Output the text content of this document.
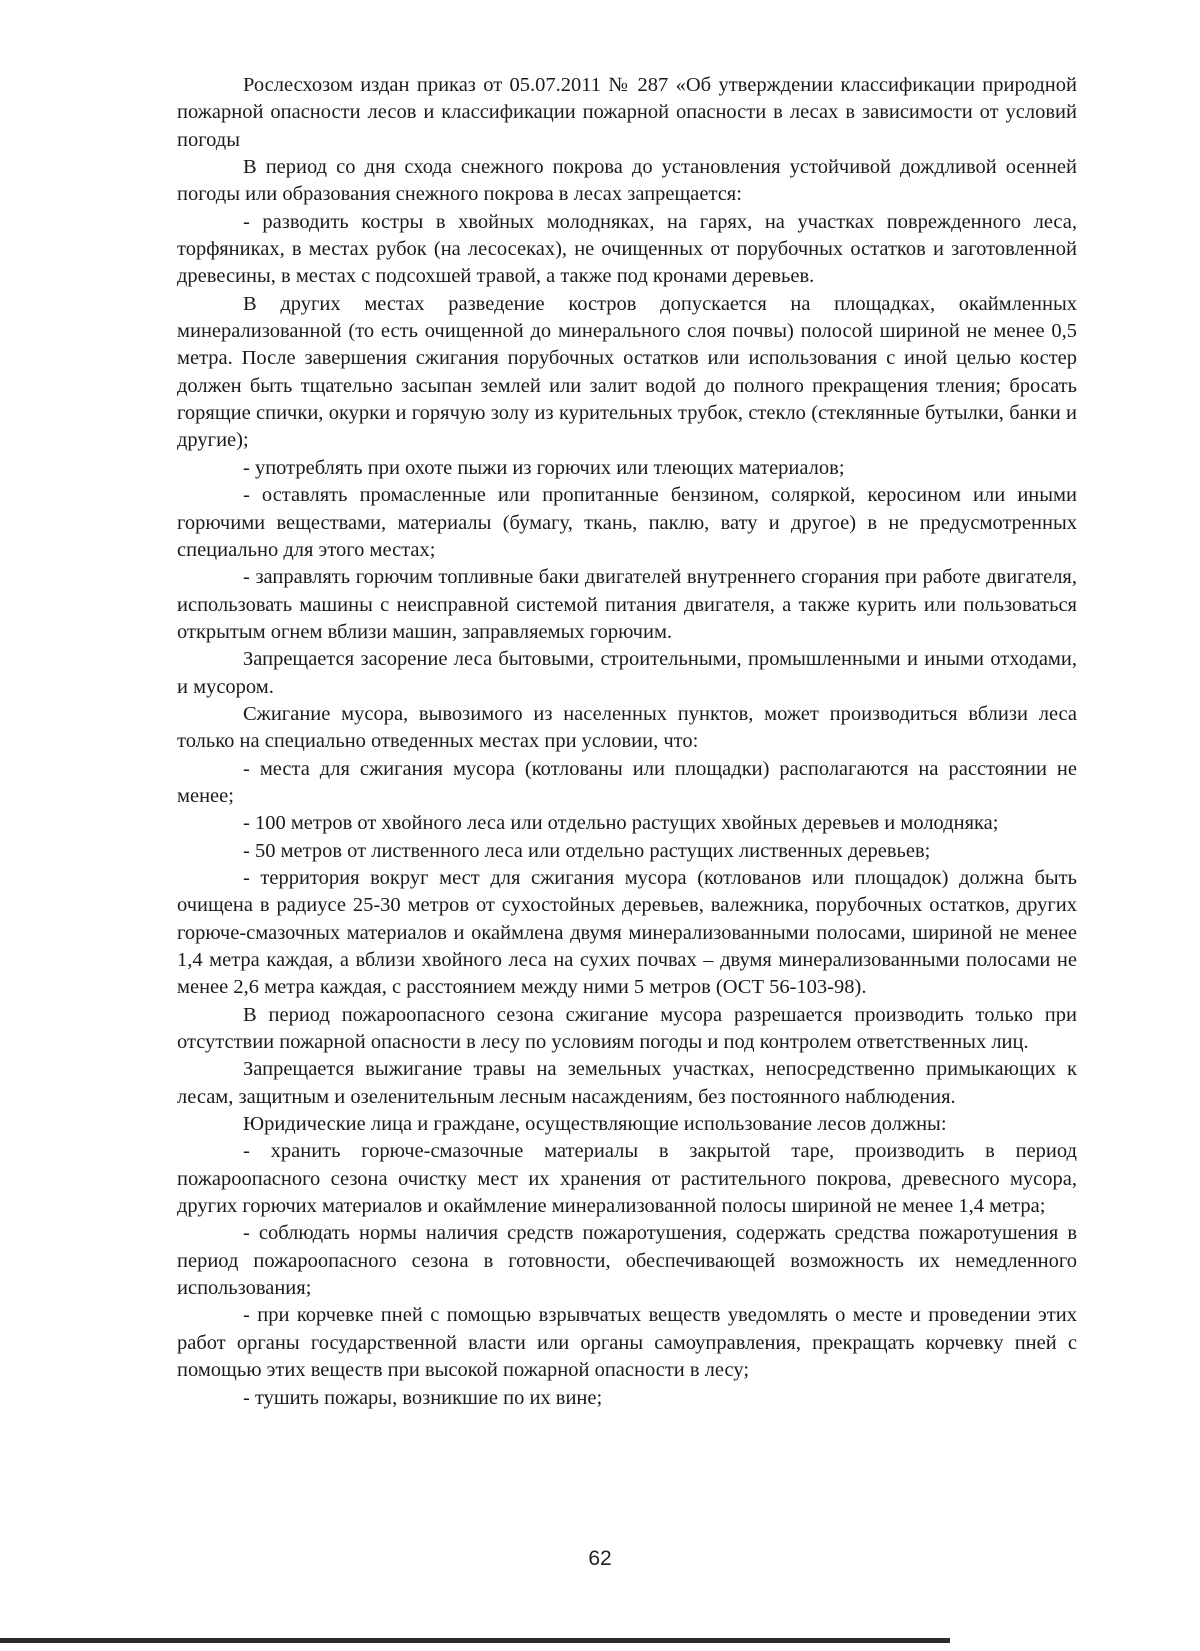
Рослесхозом издан приказ от 05.07.2011 № 287 «Об утверждении классификации природной пожарной опасности лесов и классификации пожарной опасности в лесах в зависимости от условий погоды

В период со дня схода снежного покрова до установления устойчивой дождливой осенней погоды или образования снежного покрова в лесах запрещается:

- разводить костры в хвойных молодняках, на гарях, на участках поврежденного леса, торфяниках, в местах рубок (на лесосеках), не очищенных от порубочных остатков и заготовленной древесины, в местах с подсохшей травой, а также под кронами деревьев.

В других местах разведение костров допускается на площадках, окаймленных минерализованной (то есть очищенной до минерального слоя почвы) полосой шириной не менее 0,5 метра. После завершения сжигания порубочных остатков или использования с иной целью костер должен быть тщательно засыпан землей или залит водой до полного прекращения тления; бросать горящие спички, окурки и горячую золу из курительных трубок, стекло (стеклянные бутылки, банки и другие);

- употреблять при охоте пыжи из горючих или тлеющих материалов;

- оставлять промасленные или пропитанные бензином, соляркой, керосином или иными горючими веществами, материалы (бумагу, ткань, паклю, вату и другое) в не предусмотренных специально для этого местах;

- заправлять горючим топливные баки двигателей внутреннего сгорания при работе двигателя, использовать машины с неисправной системой питания двигателя, а также курить или пользоваться открытым огнем вблизи машин, заправляемых горючим.

Запрещается засорение леса бытовыми, строительными, промышленными и иными отходами, и мусором.

Сжигание мусора, вывозимого из населенных пунктов, может производиться вблизи леса только на специально отведенных местах при условии, что:

- места для сжигания мусора (котлованы или площадки) располагаются на расстоянии не менее;

- 100 метров от хвойного леса или отдельно растущих хвойных деревьев и молодняка;

- 50 метров от лиственного леса или отдельно растущих лиственных деревьев;

- территория вокруг мест для сжигания мусора (котлованов или площадок) должна быть очищена в радиусе 25-30 метров от сухостойных деревьев, валежника, порубочных остатков, других горюче-смазочных материалов и окаймлена двумя минерализованными полосами, шириной не менее 1,4 метра каждая, а вблизи хвойного леса на сухих почвах – двумя минерализованными полосами не менее 2,6 метра каждая, с расстоянием между ними 5 метров (ОСТ 56-103-98).

В период пожароопасного сезона сжигание мусора разрешается производить только при отсутствии пожарной опасности в лесу по условиям погоды и под контролем ответственных лиц.

Запрещается выжигание травы на земельных участках, непосредственно примыкающих к лесам, защитным и озеленительным лесным насаждениям, без постоянного наблюдения.

Юридические лица и граждане, осуществляющие использование лесов должны:

- хранить горюче-смазочные материалы в закрытой таре, производить в период пожароопасного сезона очистку мест их хранения от растительного покрова, древесного мусора, других горючих материалов и окаймление минерализованной полосы шириной не менее 1,4 метра;

- соблюдать нормы наличия средств пожаротушения, содержать средства пожаротушения в период пожароопасного сезона в готовности, обеспечивающей возможность их немедленного использования;

- при корчевке пней с помощью взрывчатых веществ уведомлять о месте и проведении этих работ органы государственной власти или органы самоуправления, прекращать корчевку пней с помощью этих веществ при высокой пожарной опасности в лесу;

- тушить пожары, возникшие по их вине;

62
